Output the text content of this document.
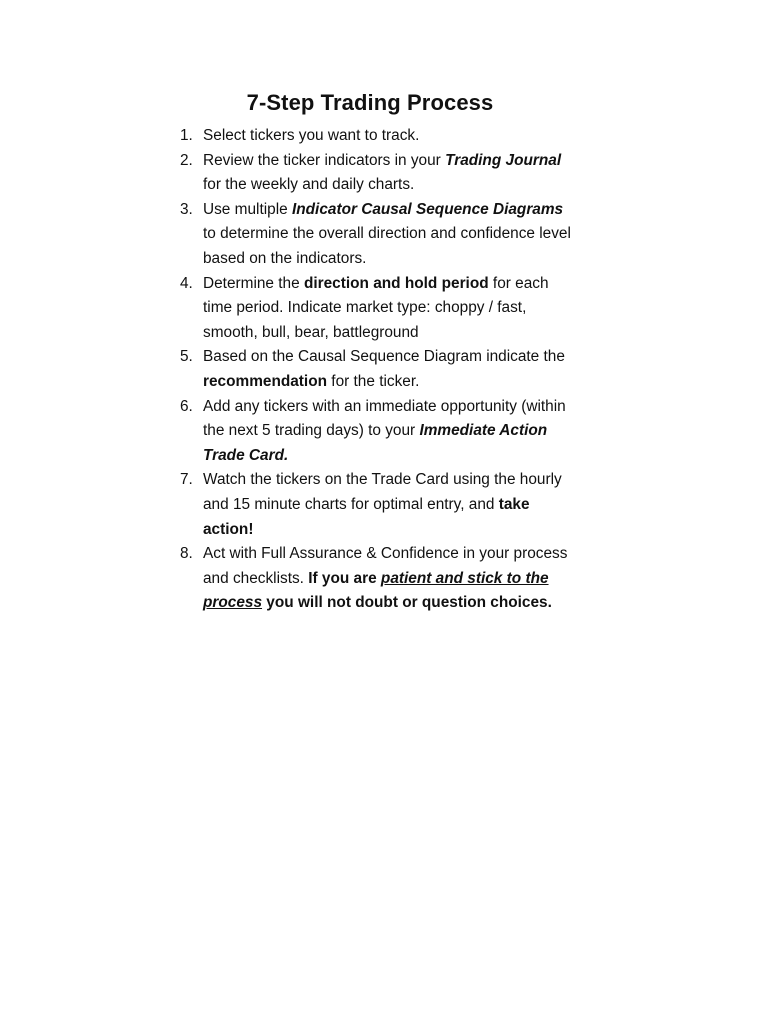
7-Step Trading Process
1. Select tickers you want to track.
2. Review the ticker indicators in your Trading Journal for the weekly and daily charts.
3. Use multiple Indicator Causal Sequence Diagrams to determine the overall direction and confidence level based on the indicators.
4. Determine the direction and hold period for each time period. Indicate market type: choppy / fast, smooth, bull, bear, battleground
5. Based on the Causal Sequence Diagram indicate the recommendation for the ticker.
6. Add any tickers with an immediate opportunity (within the next 5 trading days) to your Immediate Action Trade Card.
7. Watch the tickers on the Trade Card using the hourly and 15 minute charts for optimal entry, and take action!
8. Act with Full Assurance & Confidence in your process and checklists. If you are patient and stick to the process you will not doubt or question choices.
